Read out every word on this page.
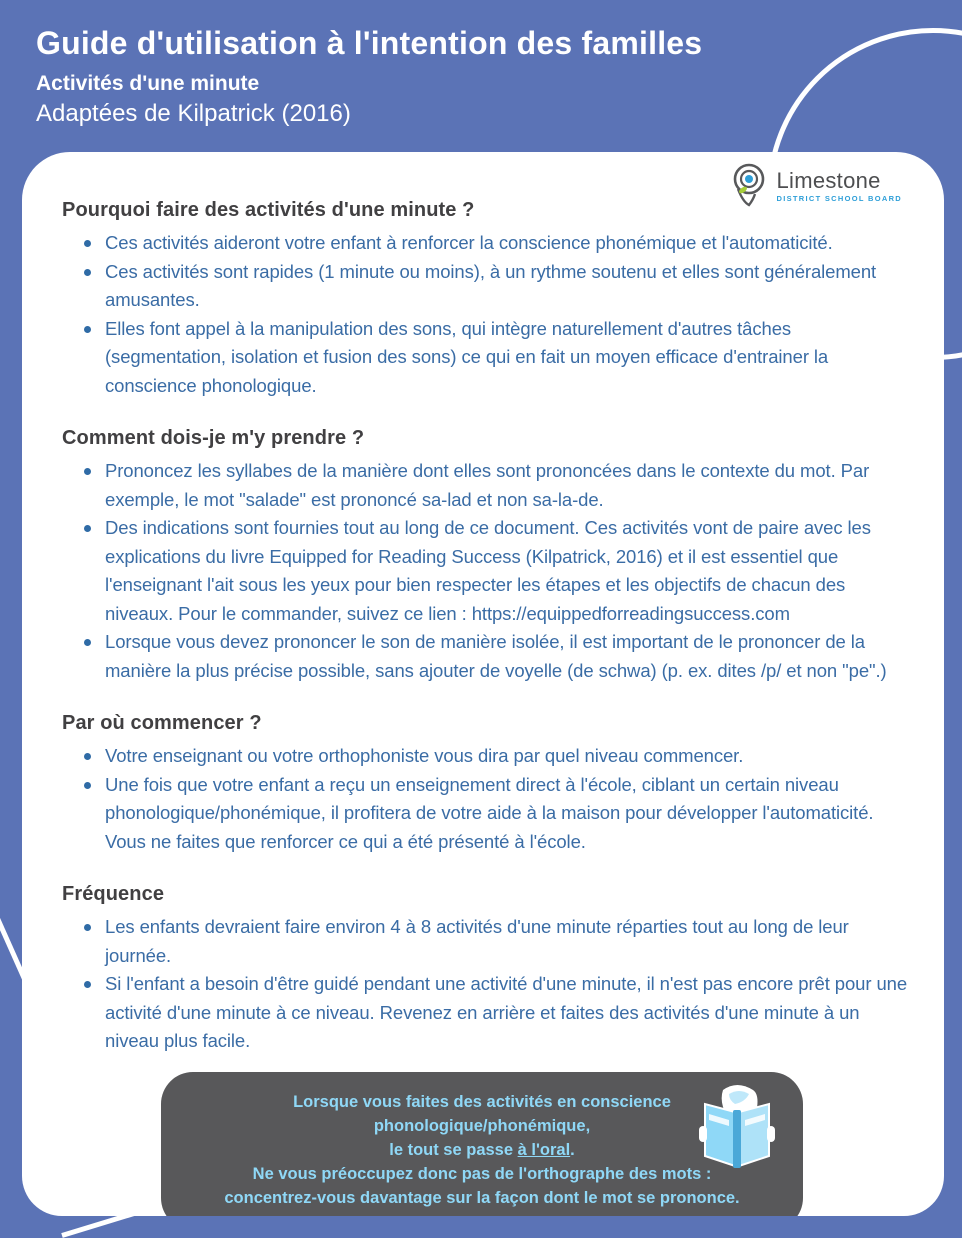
Guide d'utilisation à l'intention des familles
Activités d'une minute
Adaptées de Kilpatrick (2016)
Limestone
DISTRICT SCHOOL BOARD
Pourquoi faire des activités d'une minute ?
Ces activités aideront votre enfant à renforcer la conscience phonémique et l'automaticité.
Ces activités sont rapides (1 minute ou moins), à un rythme soutenu et elles sont généralement amusantes.
Elles font appel à la manipulation des sons, qui intègre naturellement d'autres tâches (segmentation, isolation et fusion des sons) ce qui en fait un moyen efficace d'entrainer la conscience phonologique.
Comment dois-je m'y prendre ?
Prononcez les syllabes de la manière dont elles sont prononcées dans le contexte du mot. Par exemple, le mot "salade" est prononcé sa-lad et non sa-la-de.
Des indications sont fournies tout au long de ce document. Ces activités vont de paire avec les explications du livre Equipped for Reading Success (Kilpatrick, 2016) et il est essentiel que l'enseignant l'ait sous les yeux pour bien respecter les étapes et les objectifs de chacun des niveaux. Pour le commander, suivez ce lien : https://equippedforreadingsuccess.com
Lorsque vous devez prononcer le son de manière isolée, il est important de le prononcer de la manière la plus précise possible, sans ajouter de voyelle (de schwa) (p. ex. dites /p/ et non "pe".)
Par où commencer ?
Votre enseignant ou votre orthophoniste vous dira par quel niveau commencer.
Une fois que votre enfant a reçu un enseignement direct à l'école, ciblant un certain niveau phonologique/phonémique, il profitera de votre aide à la maison pour développer l'automaticité. Vous ne faites que renforcer ce qui a été présenté à l'école.
Fréquence
Les enfants devraient faire environ 4 à 8 activités d'une minute réparties tout au long de leur journée.
Si l'enfant a besoin d'être guidé pendant une activité d'une minute, il n'est pas encore prêt pour une activité d'une minute à ce niveau. Revenez en arrière et faites des activités d'une minute à un niveau plus facile.
Lorsque vous faites des activités en conscience
phonologique/phonémique,
le tout se passe à l'oral.
Ne vous préoccupez donc pas de l'orthographe des mots :
concentrez-vous davantage sur la façon dont le mot se prononce.
